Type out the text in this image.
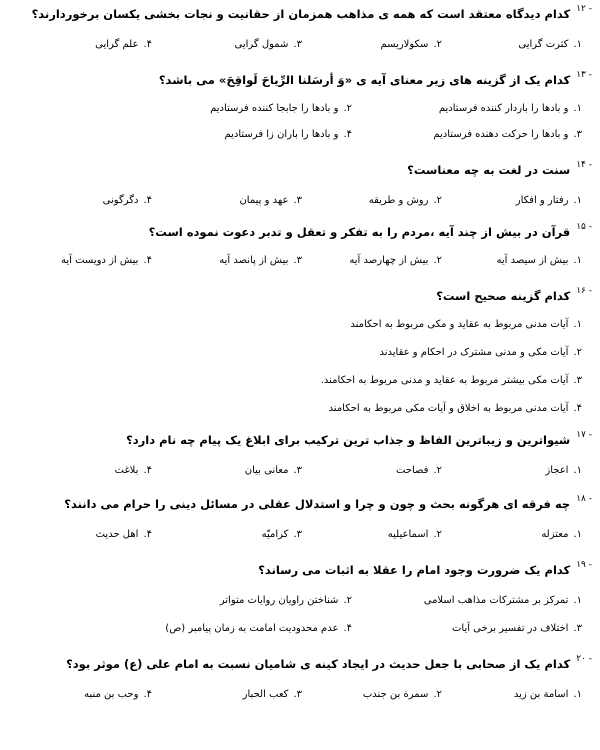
۱۲ -
کدام دیدگاه معتقد است که همه ی مذاهب همزمان از حقانیت و نجات بخشی یکسان برخوردارند؟
۱.کثرت گرایی
۲.سکولاریسم
۳.شمول گرایی
۴.علم گرایی
۱۳ -
کدام یک از گزینه های زیر معنای آیه ی «وَ أرسَلنا الرِّیاحَ لَواقِحَ» می باشد؟
۱.و بادها را باردار کننده فرستادیم
۲.و بادها را جابجا کننده فرستادیم
۳.و بادها را حرکت دهنده فرستادیم
۴.و بادها را باران زا فرستادیم
۱۴ -
سنت در لغت به چه معناست؟
۱.رفتار و افکار
۲.روش و طریقه
۳.عهد و پیمان
۴.دگرگونی
۱۵ -
قرآن در بیش از چند آیه ،مردم را به تفکر و تعقل و تدبر دعوت نموده است؟
۱.بیش از سیصد آیه
۲.بیش از چهارصد آیه
۳.بیش از پانصد آیه
۴.بیش از دویست آیه
۱۶ -
کدام گزینه صحیح است؟
۱.آیات مدنی مربوط به عقاید و مکی مربوط به احکامند
۲.آیات مکی و مدنی مشترک در احکام و عقایدند
۳.آیات مکی بیشتر مربوط به عقاید و مدنی مربوط به احکامند.
۴.آیات مدنی مربوط به اخلاق و آیات مکی مربوط به احکامند
۱۷ -
شیواترین و زیباترین الفاظ و جذاب ترین ترکیب برای ابلاغ یک پیام چه نام دارد؟
۱.اعجاز
۲.فصاحت
۳.معانی بیان
۴.بلاغت
۱۸ -
چه فرقه ای هرگونه بحث و چون و چرا و استدلال عقلی در مسائل دینی را حرام می دانند؟
۱.معتزله
۲.اسماعیلیه
۳.کرامیّه
۴.اهل حدیث
۱۹ -
کدام یک ضرورت وجود امام را عقلا به اثبات می رساند؟
۱.تمرکز بر مشترکات مذاهب اسلامی
۲.شناختن راویان روایات متواتر
۳.اختلاف در تفسیر برخی آیات
۴.عدم محدودیت امامت به زمان پیامبر (ص)
۲۰ -
کدام یک از صحابی با جعل حدیث در ایجاد کینه ی شامیان نسبت به امام علی (ع) موثر بود؟
۱.اسامة بن زید
۲.سمرة بن جندب
۳.کعب الحبار
۴.وحب بن منبه
